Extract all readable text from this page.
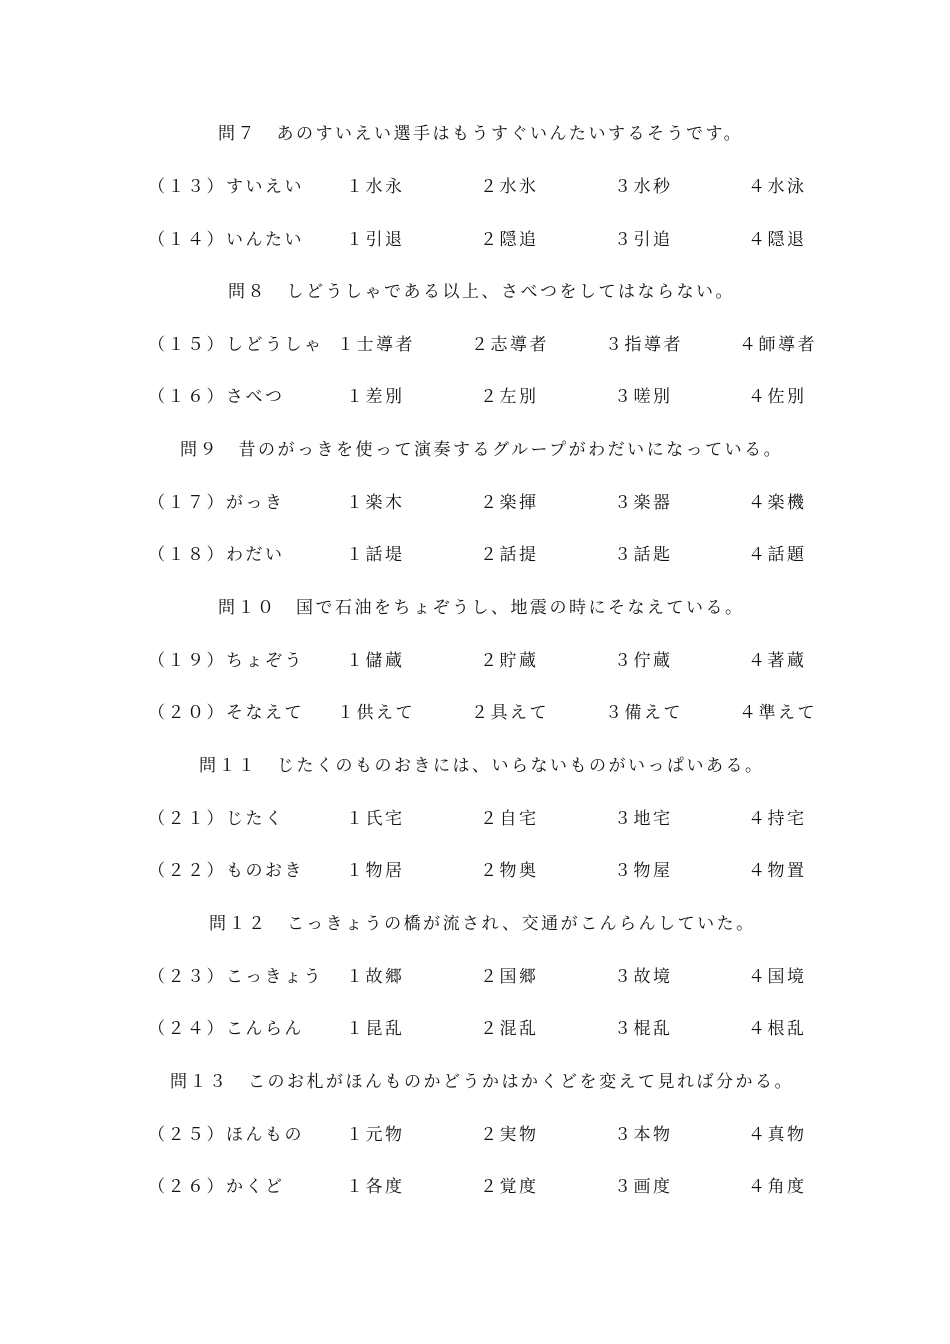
問７　あのすいえい選手はもうすぐいんたいするそうです。
（１３）すいえい １水永	２水氷	３水秒	４水泳
（１４）いんたい １引退	２隠追	３引追	４隠退
問８　しどうしゃである以上、さべつをしてはならない。
（１５）しどうしゃ １士導者	２志導者	３指導者	４師導者
（１６）さべつ	１差別	２左別	３嗟別	４佐別
問９　昔のがっきを使って演奏するグループがわだいになっている。
（１７）がっき	１楽木	２楽揮	３楽器	４楽機
（１８）わだい	１話堤	２話提	３話匙	４話題
問１０　国で石油をちょぞうし、地震の時にそなえている。
（１９）ちょぞう １儲蔵	２貯蔵	３佇蔵	４著蔵
（２０）そなえて １供えて	２具えて	３備えて	４準えて
問１１　じたくのものおきには、いらないものがいっぱいある。
（２１）じたく	１氏宅	２自宅	３地宅	４持宅
（２２）ものおき １物居	２物奥	３物屋	４物置
問１２　こっきょうの橋が流され、交通がこんらんしていた。
（２３）こっきょう １故郷	２国郷	３故境	４国境
（２４）こんらん １昆乱	２混乱	３棍乱	４根乱
問１３　このお札がほんものかどうかはかくどを変えて見れば分かる。
（２５）ほんもの １元物	２実物	３本物	４真物
（２６）かくど	１各度	２覚度	３画度	４角度
